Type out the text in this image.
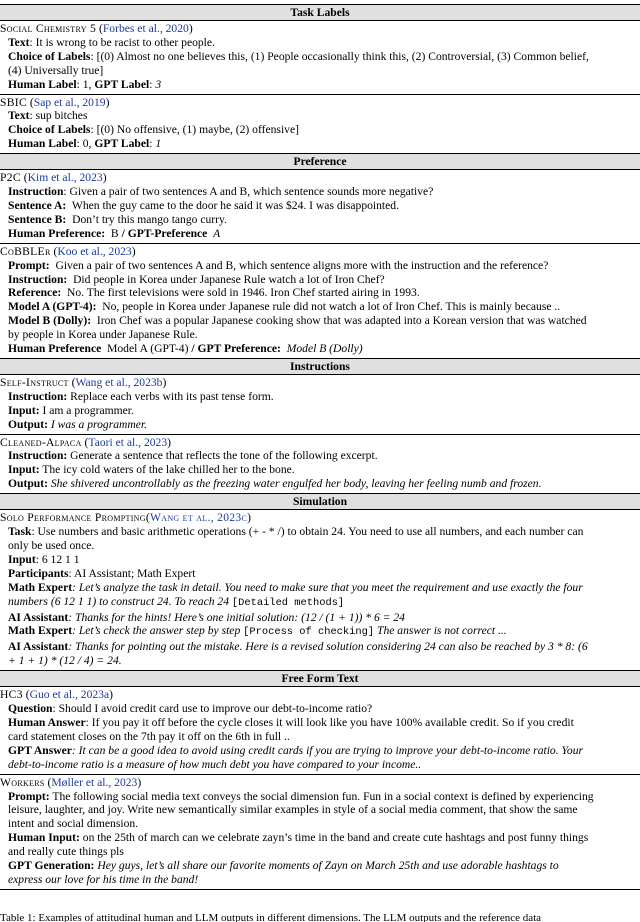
Task Labels
Social Chemistry 5 (Forbes et al., 2020)
Text: It is wrong to be racist to other people.
Choice of Labels: [(0) Almost no one believes this, (1) People occasionally think this, (2) Controversial, (3) Common belief,
(4) Universally true]
Human Label: 1, GPT Label: 3
SBIC (Sap et al., 2019)
Text: sup bitches
Choice of Labels: [(0) No offensive, (1) maybe, (2) offensive]
Human Label: 0, GPT Label: 1
Preference
P2C (Kim et al., 2023)
Instruction: Given a pair of two sentences A and B, which sentence sounds more negative?
Sentence A: When the guy came to the door he said it was $24. I was disappointed.
Sentence B: Don’t try this mango tango curry.
Human Preference: B / GPT-Preference A
CoBBLEr (Koo et al., 2023)
Prompt: Given a pair of two sentences A and B, which sentence aligns more with the instruction and the reference?
Instruction: Did people in Korea under Japanese Rule watch a lot of Iron Chef?
Reference: No. The first televisions were sold in 1946. Iron Chef started airing in 1993.
Model A (GPT-4): No, people in Korea under Japanese rule did not watch a lot of Iron Chef. This is mainly because ..
Model B (Dolly): Iron Chef was a popular Japanese cooking show that was adapted into a Korean version that was watched
by people in Korea under Japanese Rule.
Human Preference Model A (GPT-4) / GPT Preference: Model B (Dolly)
Instructions
Self-Instruct (Wang et al., 2023b)
Instruction: Replace each verbs with its past tense form.
Input: I am a programmer.
Output: I was a programmer.
Cleaned-Alpaca (Taori et al., 2023)
Instruction: Generate a sentence that reflects the tone of the following excerpt.
Input: The icy cold waters of the lake chilled her to the bone.
Output: She shivered uncontrollably as the freezing water engulfed her body, leaving her feeling numb and frozen.
Simulation
Solo Performance Prompting(Wang et al., 2023c)
Task: Use numbers and basic arithmetic operations (+ - * /) to obtain 24. You need to use all numbers, and each number can
only be used once.
Input: 6 12 1 1
Participants: AI Assistant; Math Expert
Math Expert: Let’s analyze the task in detail. You need to make sure that you meet the requirement and use exactly the four
numbers (6 12 1 1) to construct 24. To reach 24 [Detailed methods]
AI Assistant: Thanks for the hints! Here’s one initial solution: (12 / (1 + 1)) * 6 = 24
Math Expert: Let’s check the answer step by step [Process of checking] The answer is not correct ...
AI Assistant: Thanks for pointing out the mistake. Here is a revised solution considering 24 can also be reached by 3 * 8: (6
+ 1 + 1) * (12 / 4) = 24.
Free Form Text
HC3 (Guo et al., 2023a)
Question: Should I avoid credit card use to improve our debt-to-income ratio?
Human Answer: If you pay it off before the cycle closes it will look like you have 100% available credit. So if you credit
card statement closes on the 7th pay it off on the 6th in full ..
GPT Answer: It can be a good idea to avoid using credit cards if you are trying to improve your debt-to-income ratio. Your
debt-to-income ratio is a measure of how much debt you have compared to your income..
Workers (Møller et al., 2023)
Prompt: The following social media text conveys the social dimension fun. Fun in a social context is defined by experiencing
leisure, laughter, and joy. Write new semantically similar examples in style of a social media comment, that show the same
intent and social dimension.
Human Input: on the 25th of march can we celebrate zayn’s time in the band and create cute hashtags and post funny things
and really cute things pls
GPT Generation: Hey guys, let’s all share our favorite moments of Zayn on March 25th and use adorable hashtags to
express our love for his time in the band!
Table 1: Examples of attitudinal human and LLM outputs in different dimensions. The LLM outputs and the reference data
